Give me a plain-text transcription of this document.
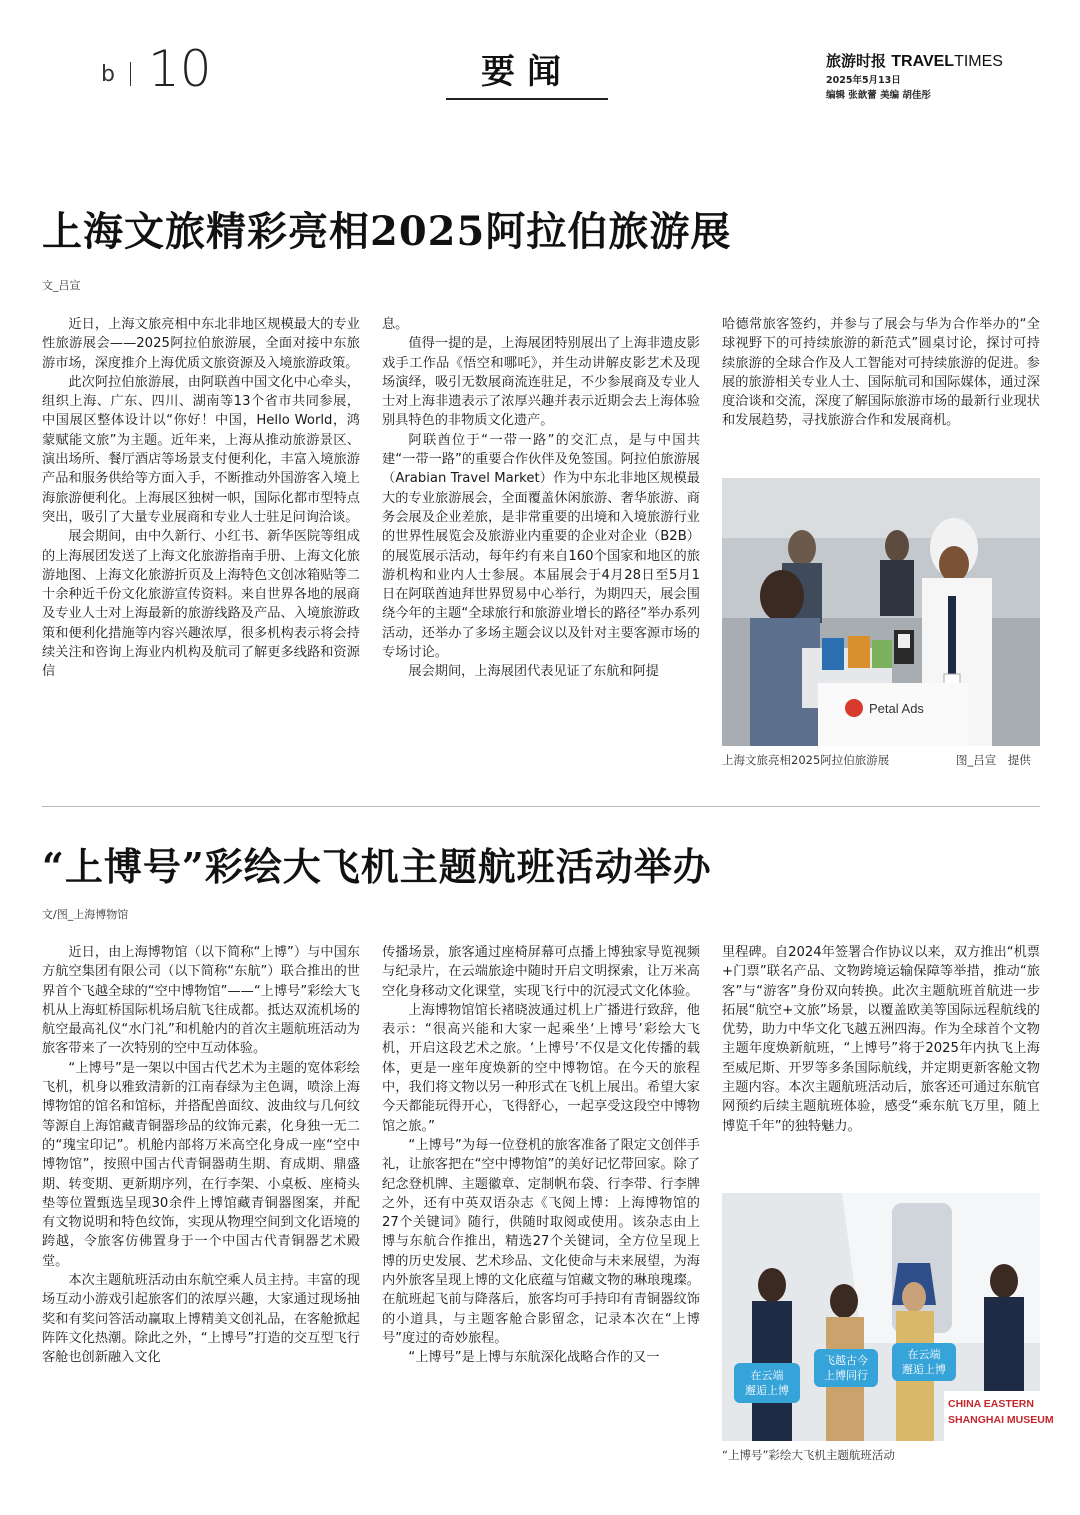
b 10	要闻	旅游时报 TRAVELTIMES
2025年5月13日
编辑 张歆蕾 美编 胡佳彤
上海文旅精彩亮相2025阿拉伯旅游展
文_吕宣

近日，上海文旅亮相中东北非地区规模最大的专业性旅游展会——2025阿拉伯旅游展，全面对接中东旅游市场，深度推介上海优质文旅资源及入境旅游政策。

此次阿拉伯旅游展，由阿联酋中国文化中心牵头，组织上海、广东、四川、湖南等13个省市共同参展，中国展区整体设计以“你好！中国，Hello World，鸿蒙赋能文旅”为主题。近年来，上海从推动旅游景区、演出场所、餐厅酒店等场景支付便利化，丰富入境旅游产品和服务供给等方面入手，不断推动外国游客入境上海旅游便利化。上海展区独树一帜，国际化都市型特点突出，吸引了大量专业展商和专业人士驻足问询洽谈。

展会期间，由中久新行、小红书、新华医院等组成的上海展团发送了上海文化旅游指南手册、上海文化旅游地图、上海文化旅游折页及上海特色文创冰箱贴等二十余种近千份文化旅游宣传资料。来自世界各地的展商及专业人士对上海最新的旅游线路及产品、入境旅游政策和便利化措施等内容兴趣浓厚，很多机构表示将会持续关注和咨询上海业内机构及航司了解更多线路和资源信

息。

值得一提的是，上海展团特别展出了上海非遗皮影戏手工作品《悟空和哪吒》，并生动讲解皮影艺术及现场演绎，吸引无数展商流连驻足，不少参展商及专业人士对上海非遗表示了浓厚兴趣并表示近期会去上海体验别具特色的非物质文化遗产。

阿联酋位于“一带一路”的交汇点，是与中国共建“一带一路”的重要合作伙伴及免签国。阿拉伯旅游展（Arabian Travel Market）作为中东北非地区规模最大的专业旅游展会，全面覆盖休闲旅游、奢华旅游、商务会展及企业差旅，是非常重要的出境和入境旅游行业的世界性展览会及旅游业内重要的企业对企业（B2B）的展览展示活动，每年约有来自160个国家和地区的旅游机构和业内人士参展。本届展会于4月28日至5月1日在阿联酋迪拜世界贸易中心举行，为期四天，展会围绕今年的主题“全球旅行和旅游业增长的路径”举办系列活动，还举办了多场主题会议以及针对主要客源市场的专场讨论。

展会期间，上海展团代表见证了东航和阿提

哈德常旅客签约，并参与了展会与华为合作举办的“全球视野下的可持续旅游的新范式”圆桌讨论，探讨可持续旅游的全球合作及人工智能对可持续旅游的促进。参展的旅游相关专业人士、国际航司和国际媒体，通过深度洽谈和交流，深度了解国际旅游市场的最新行业现状和发展趋势，寻找旅游合作和发展商机。

Petal Ads
上海文旅亮相2025阿拉伯旅游展	图_吕宣　提供
“上博号”彩绘大飞机主题航班活动举办
文/图_上海博物馆

近日，由上海博物馆（以下简称“上博”）与中国东方航空集团有限公司（以下简称“东航”）联合推出的世界首个飞越全球的“空中博物馆”——“上博号”彩绘大飞机从上海虹桥国际机场启航飞往成都。抵达双流机场的航空最高礼仪“水门礼”和机舱内的首次主题航班活动为旅客带来了一次特别的空中互动体验。

“上博号”是一架以中国古代艺术为主题的宽体彩绘飞机，机身以雅致清新的江南春绿为主色调，喷涂上海博物馆的馆名和馆标，并搭配兽面纹、波曲纹与几何纹等源自上海馆藏青铜器珍品的纹饰元素，化身独一无二的“瑰宝印记”。机舱内部将万米高空化身成一座“空中博物馆”，按照中国古代青铜器萌生期、育成期、鼎盛期、转变期、更新期序列，在行李架、小桌板、座椅头垫等位置甄选呈现30余件上博馆藏青铜器图案，并配有文物说明和特色纹饰，实现从物理空间到文化语境的跨越，令旅客仿佛置身于一个中国古代青铜器艺术殿堂。

本次主题航班活动由东航空乘人员主持。丰富的现场互动小游戏引起旅客们的浓厚兴趣，大家通过现场抽奖和有奖问答活动赢取上博精美文创礼品，在客舱掀起阵阵文化热潮。除此之外，“上博号”打造的交互型飞行客舱也创新融入文化

传播场景，旅客通过座椅屏幕可点播上博独家导览视频与纪录片，在云端旅途中随时开启文明探索，让万米高空化身移动文化课堂，实现飞行中的沉浸式文化体验。

上海博物馆馆长褚晓波通过机上广播进行致辞，他表示：“很高兴能和大家一起乘坐‘上博号’彩绘大飞机，开启这段艺术之旅。‘上博号’不仅是文化传播的载体，更是一座年度焕新的空中博物馆。在今天的旅程中，我们将文物以另一种形式在飞机上展出。希望大家今天都能玩得开心，飞得舒心，一起享受这段空中博物馆之旅。”

“上博号”为每一位登机的旅客准备了限定文创伴手礼，让旅客把在“空中博物馆”的美好记忆带回家。除了纪念登机牌、主题徽章、定制帆布袋、行李带、行李牌之外，还有中英双语杂志《飞阅上博：上海博物馆的27个关键词》随行，供随时取阅或使用。该杂志由上博与东航合作推出，精选27个关键词，全方位呈现上博的历史发展、艺术珍品、文化使命与未来展望，为海内外旅客呈现上博的文化底蕴与馆藏文物的琳琅瑰璨。在航班起飞前与降落后，旅客均可手持印有青铜器纹饰的小道具，与主题客舱合影留念，记录本次在“上博号”度过的奇妙旅程。

“上博号”是上博与东航深化战略合作的又一

里程碑。自2024年签署合作协议以来，双方推出“机票+门票”联名产品、文物跨境运输保障等举措，推动“旅客”与“游客”身份双向转换。此次主题航班首航进一步拓展“航空+文旅”场景，以覆盖欧美等国际远程航线的优势，助力中华文化飞越五洲四海。作为全球首个文物主题年度焕新航班，“上博号”将于2025年内执飞上海至威尼斯、开罗等多条国际航线，并定期更新客舱文物主题内容。本次主题航班活动后，旅客还可通过东航官网预约后续主题航班体验，感受“乘东航飞万里，随上博览千年”的独特魅力。

在云端
邂逅上博
飞越古今
上博同行
在云端
邂逅上博
CHINA EASTERN
SHANGHAI MUSEUM
“上博号”彩绘大飞机主题航班活动
